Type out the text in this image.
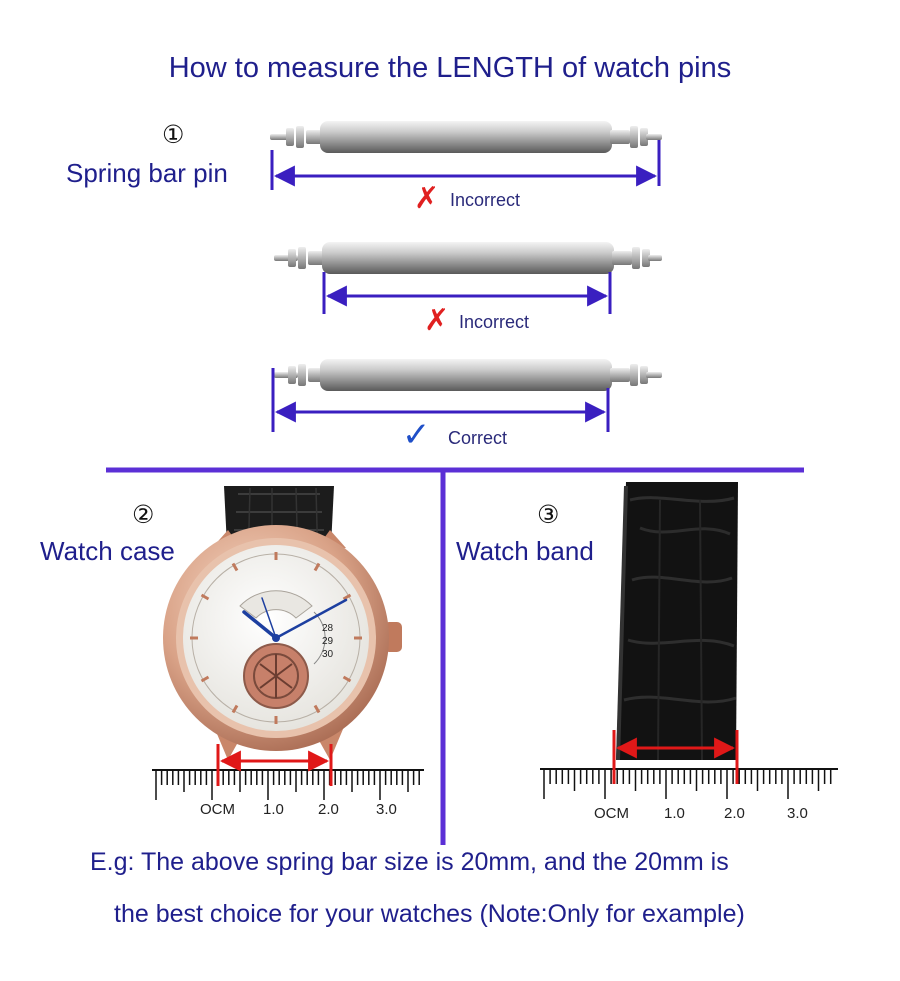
How to measure the LENGTH of watch pins
①
Spring bar pin
✗ Incorrect
✗ Incorrect
✓ Correct
②
Watch case
③
Watch band
28
29
30
OCM 1.0 2.0 3.0	OCM 1.0	2.0	3.0
E.g: The above spring bar size is 20mm, and the 20mm is
the best choice for your watches (Note:Only for example)
